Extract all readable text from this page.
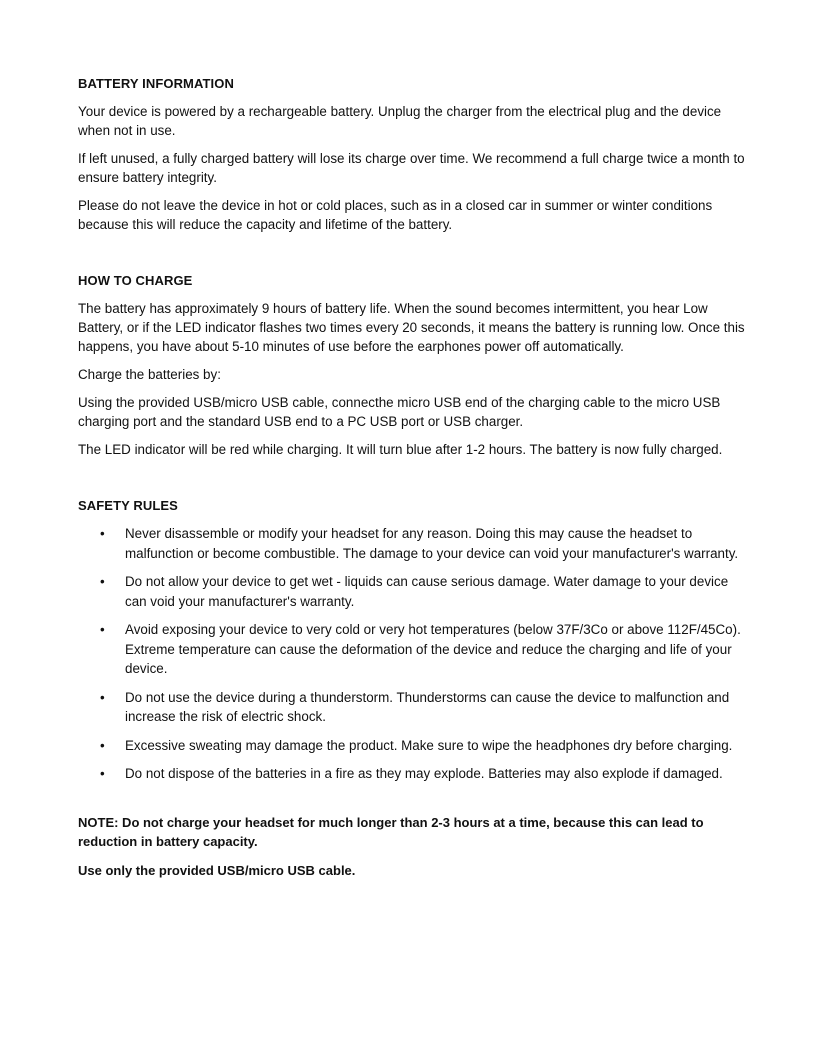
BATTERY INFORMATION

Your device is powered by a rechargeable battery. Unplug the charger from the electrical plug and the device when not in use.

If left unused, a fully charged battery will lose its charge over time. We recommend a full charge twice a month to ensure battery integrity.

Please do not leave the device in hot or cold places, such as in a closed car in summer or winter conditions because this will reduce the capacity and lifetime of the battery.

HOW TO CHARGE

The battery has approximately 9 hours of battery life. When the sound becomes intermittent, you hear Low Battery, or if the LED indicator flashes two times every 20 seconds, it means the battery is running low. Once this happens, you have about 5-10 minutes of use before the earphones power off automatically.

Charge the batteries by:

Using the provided USB/micro USB cable, connecthe micro USB end of the charging cable to the micro USB charging port and the standard USB end to a PC USB port or USB charger.

The LED indicator will be red while charging. It will turn blue after 1-2 hours. The battery is now fully charged.

SAFETY RULES
• Never disassemble or modify your headset for any reason. Doing this may cause the headset to malfunction or become combustible. The damage to your device can void your manufacturer's warranty.
• Do not allow your device to get wet - liquids can cause serious damage. Water damage to your device can void your manufacturer's warranty.
• Avoid exposing your device to very cold or very hot temperatures (below 37F/3Co or above 112F/45Co). Extreme temperature can cause the deformation of the device and reduce the charging and life of your device.
• Do not use the device during a thunderstorm. Thunderstorms can cause the device to malfunction and increase the risk of electric shock.
• Excessive sweating may damage the product. Make sure to wipe the headphones dry before charging.
• Do not dispose of the batteries in a fire as they may explode. Batteries may also explode if damaged.

NOTE: Do not charge your headset for much longer than 2-3 hours at a time, because this can lead to reduction in battery capacity.

Use only the provided USB/micro USB cable.
